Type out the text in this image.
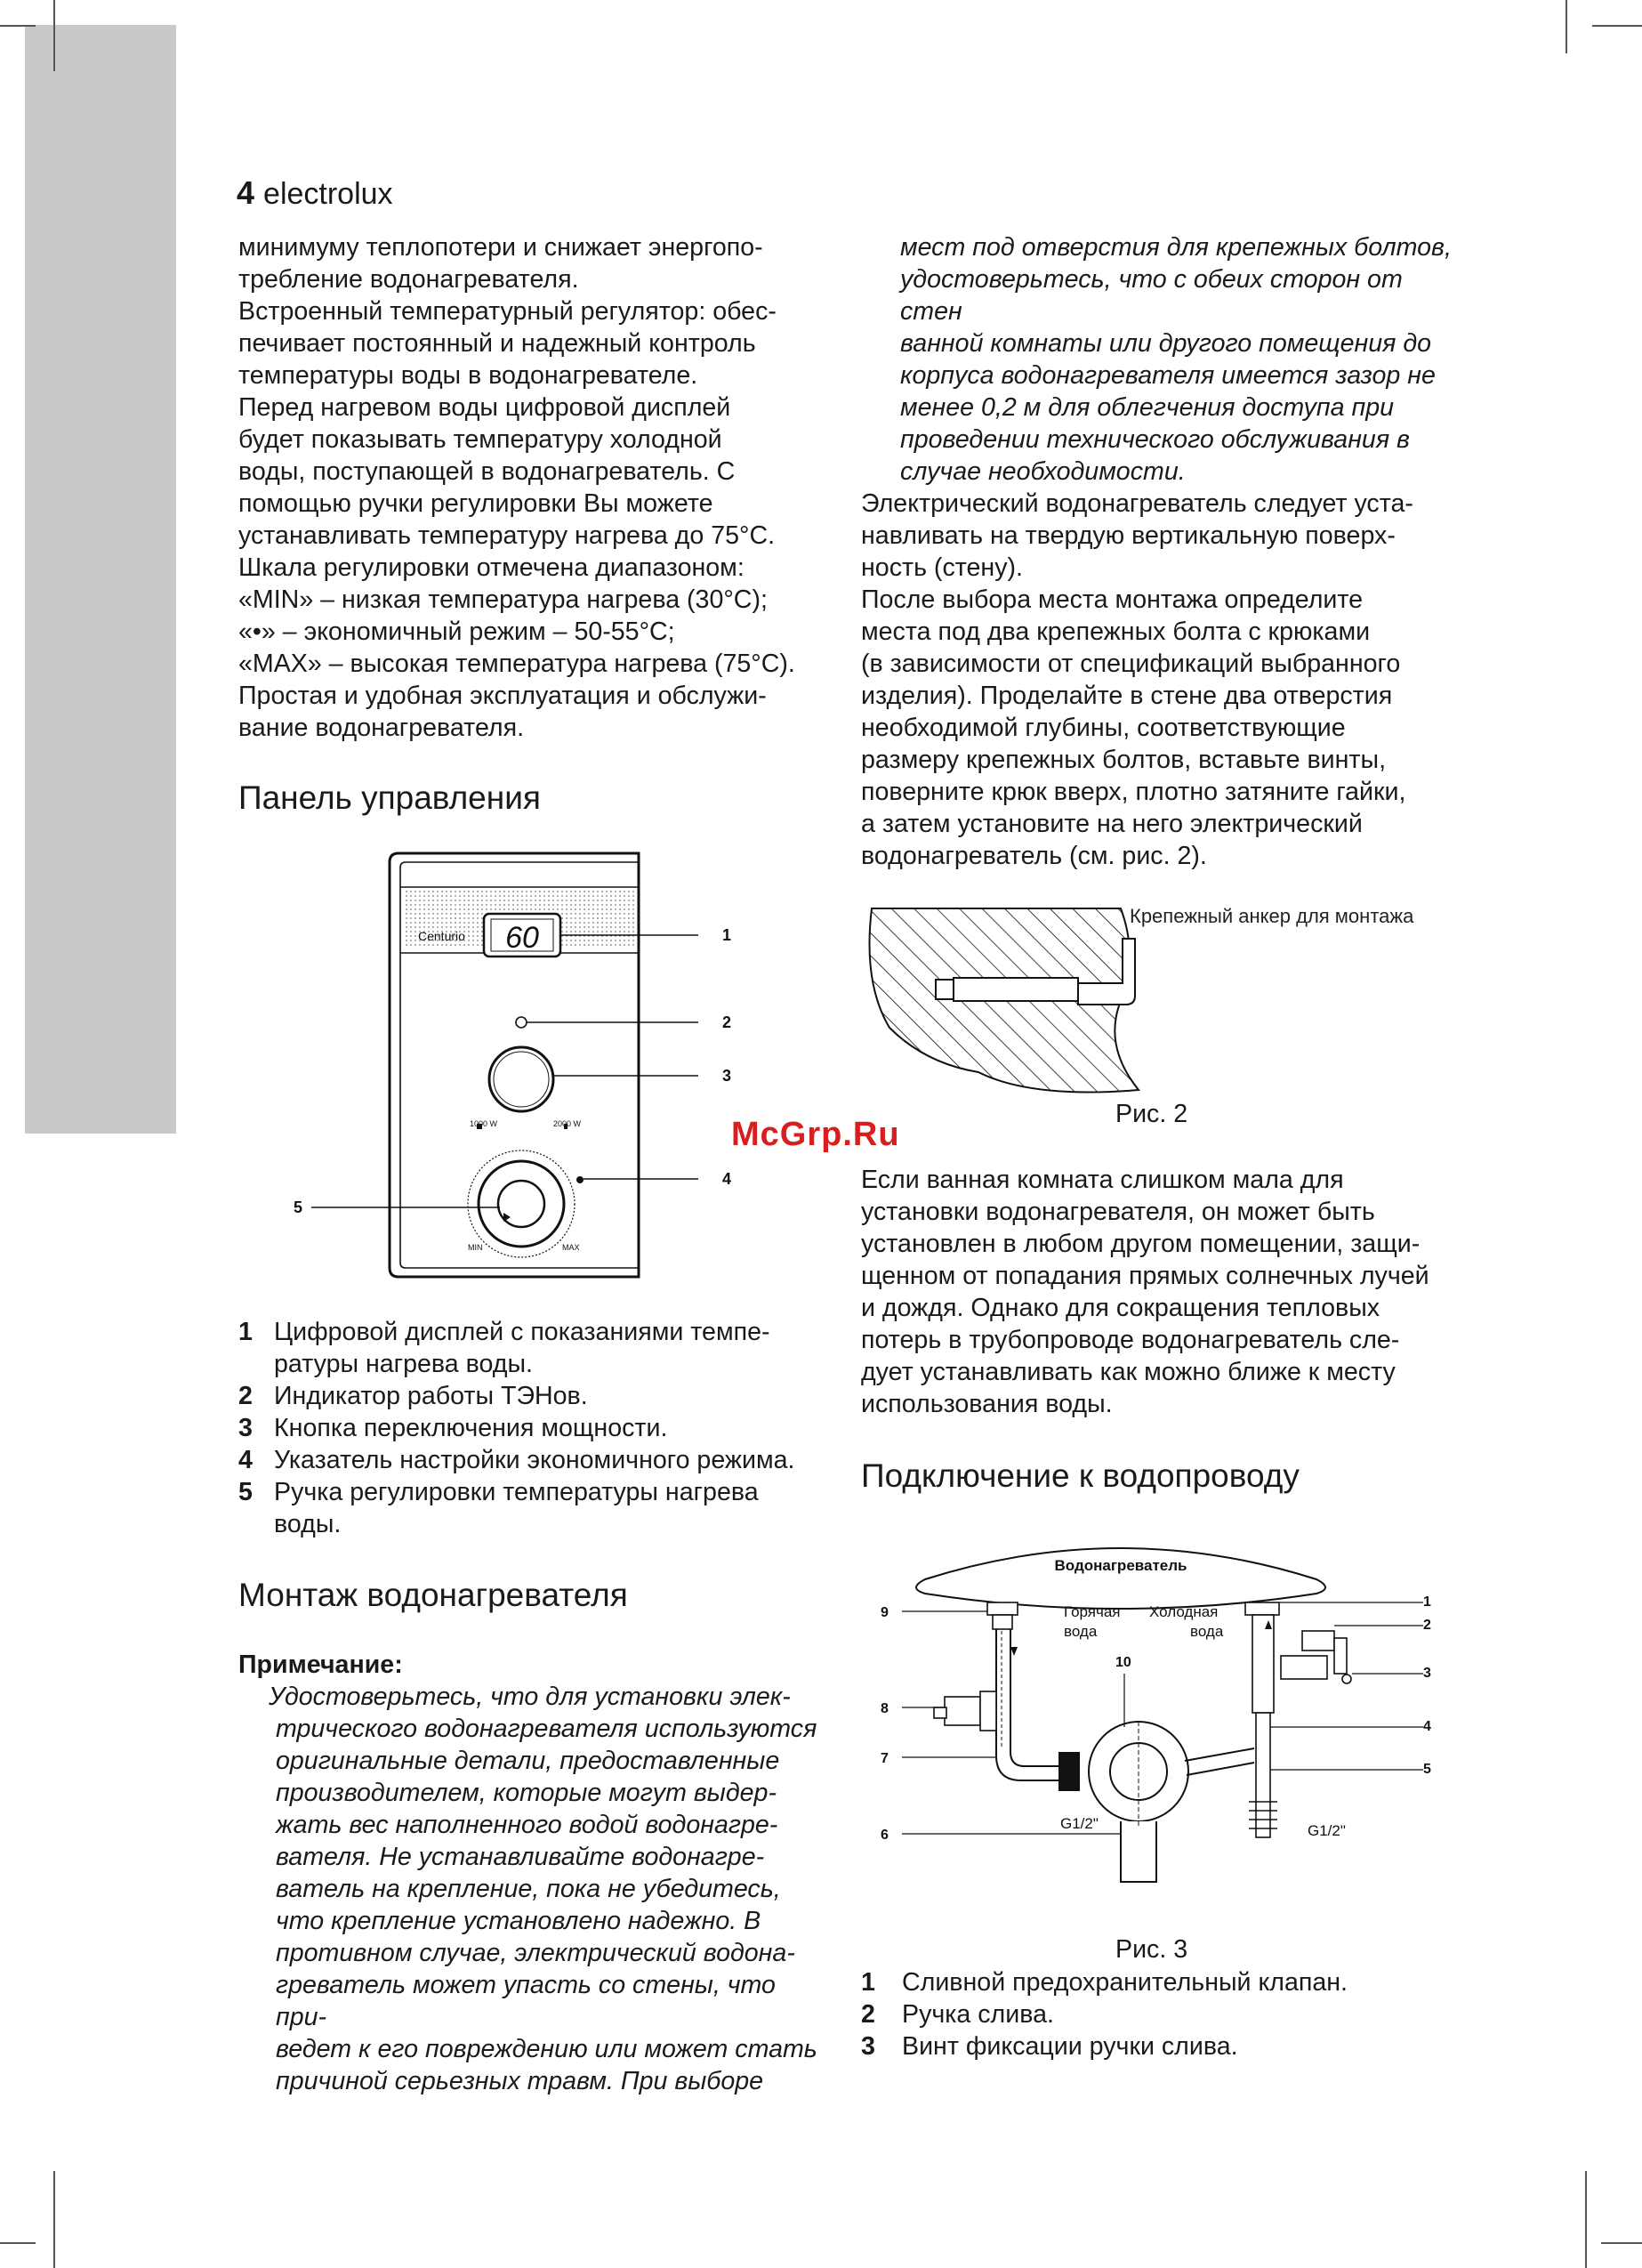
4 electrolux

минимуму теплопотери и снижает энергопо-

требление водонагревателя.

Встроенный температурный регулятор: обес-

печивает постоянный и надежный контроль

температуры воды в водонагревателе.

Перед нагревом воды цифровой дисплей

будет показывать температуру холодной

воды, поступающей в водонагреватель. С

помощью ручки регулировки Вы можете

устанавливать температуру нагрева до 75°C.

Шкала регулировки отмечена диапазоном:

«MIN» – низкая температура нагрева (30°C);

«•» – экономичный режим – 50-55°C;

«MAX» – высокая температура нагрева (75°C).

Простая и удобная эксплуатация и обслужи-

вание водонагревателя.

Панель управления
Centurio 60	1
2
3
1000 W	2000 W
4
5
MIN	MAX
1 Цифровой дисплей с показаниями темпе-
ратуры нагрева воды.
2 Индикатор работы ТЭНов.
3 Кнопка переключения мощности.
4 Указатель настройки экономичного режима.
5 Ручка регулировки температуры нагрева
воды.
Монтаж водонагревателя

Примечание:

Удостоверьтесь, что для установки элек-

трического водонагревателя используются

оригинальные детали, предоставленные

производителем, которые могут выдер-

жать вес наполненного водой водонагре-

вателя. Не устанавливайте водонагре-

ватель на крепление, пока не убедитесь,

что крепление установлено надежно. В

противном случае, электрический водона-

греватель может упасть со стены, что при-

ведет к его повреждению или может стать

причиной серьезных травм. При выборе

мест под отверстия для крепежных болтов,

удостоверьтесь, что с обеих сторон от стен

ванной комнаты или другого помещения до

корпуса водонагревателя имеется зазор не

менее 0,2 м для облегчения доступа при

проведении технического обслуживания в

случае необходимости.

Электрический водонагреватель следует уста-

навливать на твердую вертикальную поверх-

ность (стену).

После выбора места монтажа определите

места под два крепежных болта с крюками

(в зависимости от спецификаций выбранного

изделия). Проделайте в стене два отверстия

необходимой глубины, соответствующие

размеру крепежных болтов, вставьте винты,

поверните крюк вверх, плотно затяните гайки,

а затем установите на него электрический

водонагреватель (см. рис. 2).

Крепежный анкер для монтажа
Рис. 2
McGrp.Ru

Если ванная комната слишком мала для

установки водонагревателя, он может быть

установлен в любом другом помещении, защи-

щенном от попадания прямых солнечных лучей

и дождя. Однако для сокращения тепловых

потерь в трубопроводе водонагреватель сле-

дует устанавливать как можно ближе к месту

использования воды.

Подключение к водопроводу
Водонагреватель
Горячая
вода
Холодная
вода
G1/2"	G1/2"
9
8
7
6
10
1
2
3
4
5
Рис. 3
1	Сливной предохранительный клапан.
2	Ручка слива.
3	Винт фиксации ручки слива.
